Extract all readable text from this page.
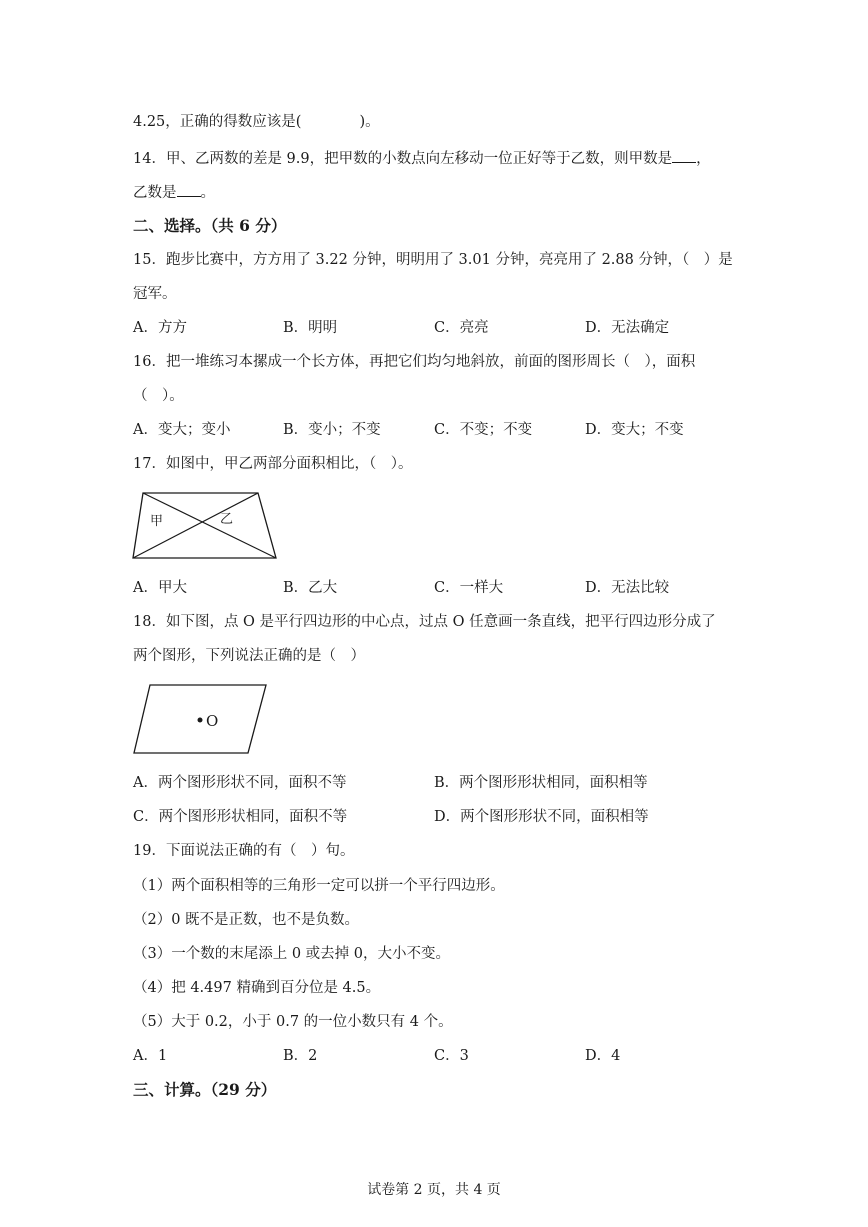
4.25，正确的得数应该是(　　　　)。
14．甲、乙两数的差是 9.9，把甲数的小数点向左移动一位正好等于乙数，则甲数是 ，
乙数是 。
二、选择。（共 6 分）
15．跑步比赛中，方方用了 3.22 分钟，明明用了 3.01 分钟，亮亮用了 2.88 分钟，（　）是
冠军。
A．方方	B．明明	C．亮亮	D．无法确定
16．把一堆练习本摞成一个长方体，再把它们均匀地斜放，前面的图形周长（　），面积
（　）。
A．变大；变小	B．变小；不变	C．不变；不变	D．变大；不变
17．如图中，甲乙两部分面积相比，（　）。
甲	乙
A．甲大	B．乙大	C．一样大	D．无法比较
18．如下图，点 O 是平行四边形的中心点，过点 O 任意画一条直线，把平行四边形分成了
两个图形，下列说法正确的是（　）
O
A．两个图形形状不同，面积不等	B．两个图形形状相同，面积相等
C．两个图形形状相同，面积不等	D．两个图形形状不同，面积相等
19．下面说法正确的有（　）句。
（1）两个面积相等的三角形一定可以拼一个平行四边形。
（2）0 既不是正数，也不是负数。
（3）一个数的末尾添上 0 或去掉 0，大小不变。
（4）把 4.497 精确到百分位是 4.5。
（5）大于 0.2，小于 0.7 的一位小数只有 4 个。
A．1	B．2	C．3	D．4
三、计算。（29 分）
试卷第 2 页，共 4 页
